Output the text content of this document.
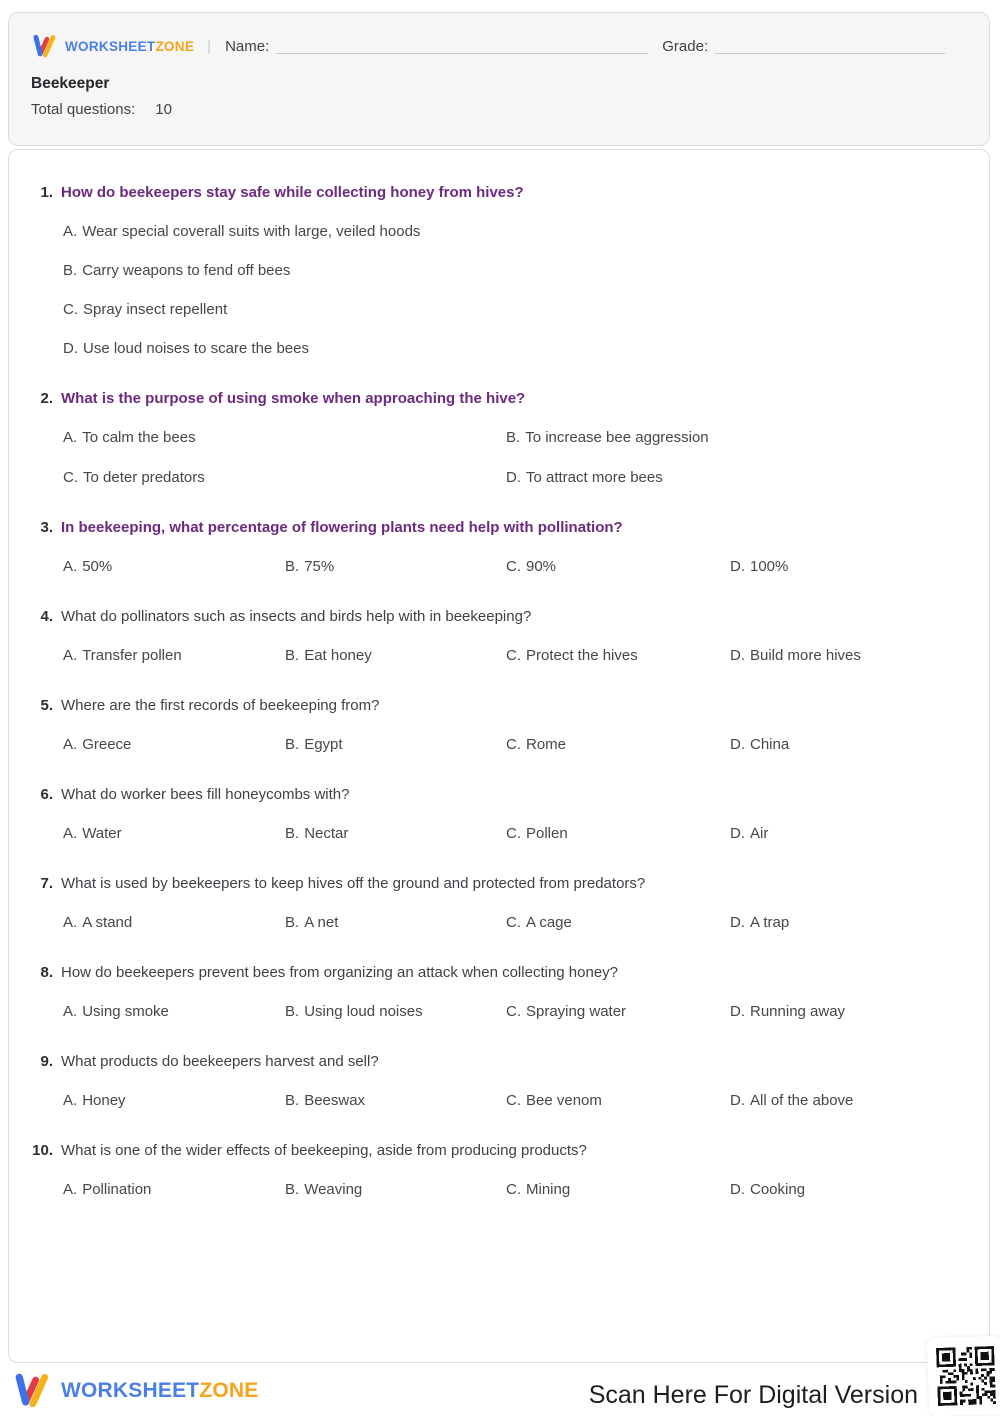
WORKSHEETZONE | Name:	Grade:
Beekeeper
Total questions: 10
1. How do beekeepers stay safe while collecting honey from hives?
A. Wear special coverall suits with large, veiled hoods
B. Carry weapons to fend off bees
C. Spray insect repellent
D. Use loud noises to scare the bees
2. What is the purpose of using smoke when approaching the hive?
A. To calm the bees	B. To increase bee aggression
C. To deter predators	D. To attract more bees
3. In beekeeping, what percentage of flowering plants need help with pollination?
A. 50%	B. 75%	C. 90%	D. 100%
4. What do pollinators such as insects and birds help with in beekeeping?
A. Transfer pollen	B. Eat honey	C. Protect the hives	D. Build more hives
5. Where are the first records of beekeeping from?
A. Greece	B. Egypt	C. Rome	D. China
6. What do worker bees fill honeycombs with?
A. Water	B. Nectar	C. Pollen	D. Air
7. What is used by beekeepers to keep hives off the ground and protected from predators?
A. A stand	B. A net	C. A cage	D. A trap
8. How do beekeepers prevent bees from organizing an attack when collecting honey?
A. Using smoke	B. Using loud noises	C. Spraying water	D. Running away
9. What products do beekeepers harvest and sell?
A. Honey	B. Beeswax	C. Bee venom	D. All of the above
10. What is one of the wider effects of beekeeping, aside from producing products?
A. Pollination	B. Weaving	C. Mining	D. Cooking
WORKSHEETZONE	Scan Here For Digital Version
